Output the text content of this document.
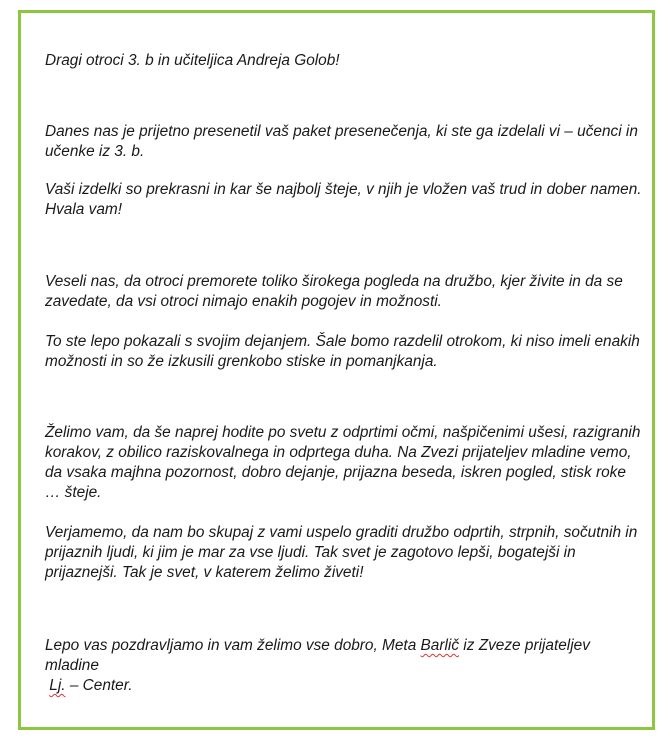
Dragi otroci 3. b in učiteljica Andreja Golob!

Danes nas je prijetno presenetil vaš paket presenečenja, ki ste ga izdelali vi – učenci in učenke iz 3. b.

Vaši izdelki so prekrasni in kar še najbolj šteje, v njih je vložen vaš trud in dober namen. Hvala vam!

Veseli nas, da otroci premorete toliko širokega pogleda na družbo, kjer živite in da se zavedate, da vsi otroci nimajo enakih pogojev in možnosti.

To ste lepo pokazali s svojim dejanjem. Šale bomo razdelil otrokom, ki niso imeli enakih možnosti in so že izkusili grenkobo stiske in pomanjkanja.

Želimo vam, da še naprej hodite po svetu z odprtimi očmi, našpičenimi ušesi, razigranih korakov, z obilico raziskovalnega in odprtega duha. Na Zvezi prijateljev mladine vemo, da vsaka majhna pozornost, dobro dejanje, prijazna beseda, iskren pogled, stisk roke … šteje.

Verjamemo, da nam bo skupaj z vami uspelo graditi družbo odprtih, strpnih, sočutnih in prijaznih ljudi, ki jim je mar za vse ljudi. Tak svet je zagotovo lepši, bogatejši in prijaznejši. Tak je svet, v katerem želimo živeti!

Lepo vas pozdravljamo in vam želimo vse dobro, Meta Barlič iz Zveze prijateljev mladine
Lj. – Center.
